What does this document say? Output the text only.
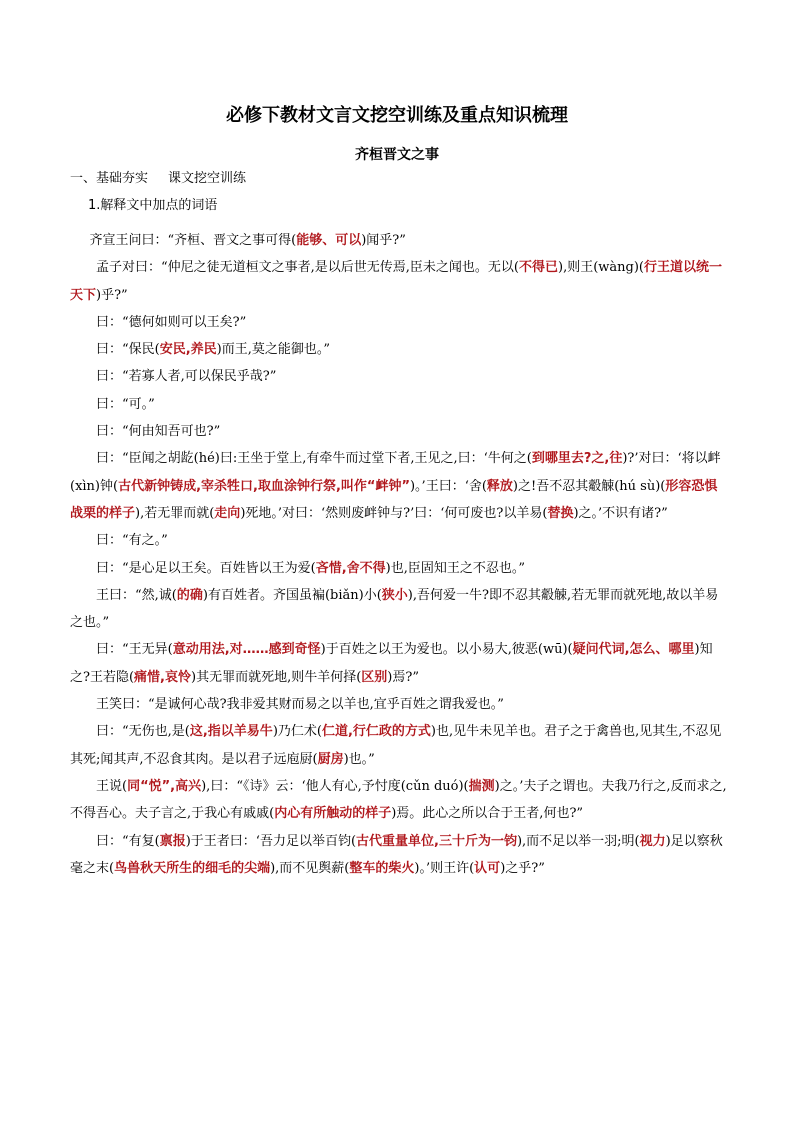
必修下教材文言文挖空训练及重点知识梳理
齐桓晋文之事
一、基础夯实 课文挖空训练
1.解释文中加点的词语

齐宣王问曰：“齐桓、晋文之事可得(能够、可以)闻乎?”

孟子对曰：“仲尼之徒无道桓文之事者,是以后世无传焉,臣未之闻也。无以(不得已),则王(wàng)(行王道以统一天下)乎?”

曰：“德何如则可以王矣?”

曰：“保民(安民,养民)而王,莫之能御也。”

曰：“若寡人者,可以保民乎哉?”

曰：“可。”

曰：“何由知吾可也?”

曰：“臣闻之胡龁(hé)曰:王坐于堂上,有牵牛而过堂下者,王见之,曰：‘牛何之(到哪里去?之,往)?’对曰：‘将以衅(xìn)钟(古代新钟铸成,宰杀牲口,取血涂钟行祭,叫作“衅钟”)。’王曰：‘舍(释放)之!吾不忍其觳觫(hú sù)(形容恐惧战栗的样子),若无罪而就(走向)死地。’对曰：‘然则废衅钟与?’曰：‘何可废也?以羊易(替换)之。’不识有诸?”

曰：“有之。”

曰：“是心足以王矣。百姓皆以王为爱(吝惜,舍不得)也,臣固知王之不忍也。”

王曰：“然,诚(的确)有百姓者。齐国虽褊(biǎn)小(狭小),吾何爱一牛?即不忍其觳觫,若无罪而就死地,故以羊易之也。”

曰：“王无异(意动用法,对……感到奇怪)于百姓之以王为爱也。以小易大,彼恶(wū)(疑问代词,怎么、哪里)知之?王若隐(痛惜,哀怜)其无罪而就死地,则牛羊何择(区别)焉?”

王笑曰：“是诚何心哉?我非爱其财而易之以羊也,宜乎百姓之谓我爱也。”

曰：“无伤也,是(这,指以羊易牛)乃仁术(仁道,行仁政的方式)也,见牛未见羊也。君子之于禽兽也,见其生,不忍见其死;闻其声,不忍食其肉。是以君子远庖厨(厨房)也。”

王说(同“悦”,高兴),曰：“《诗》云：‘他人有心,予忖度(cǔn duó)(揣测)之。’夫子之谓也。夫我乃行之,反而求之,不得吾心。夫子言之,于我心有戚戚(内心有所触动的样子)焉。此心之所以合于王者,何也?”

曰：“有复(禀报)于王者曰：‘吾力足以举百钧(古代重量单位,三十斤为一钧),而不足以举一羽;明(视力)足以察秋毫之末(鸟兽秋天所生的细毛的尖端),而不见舆薪(整车的柴火)。’则王许(认可)之乎?”
